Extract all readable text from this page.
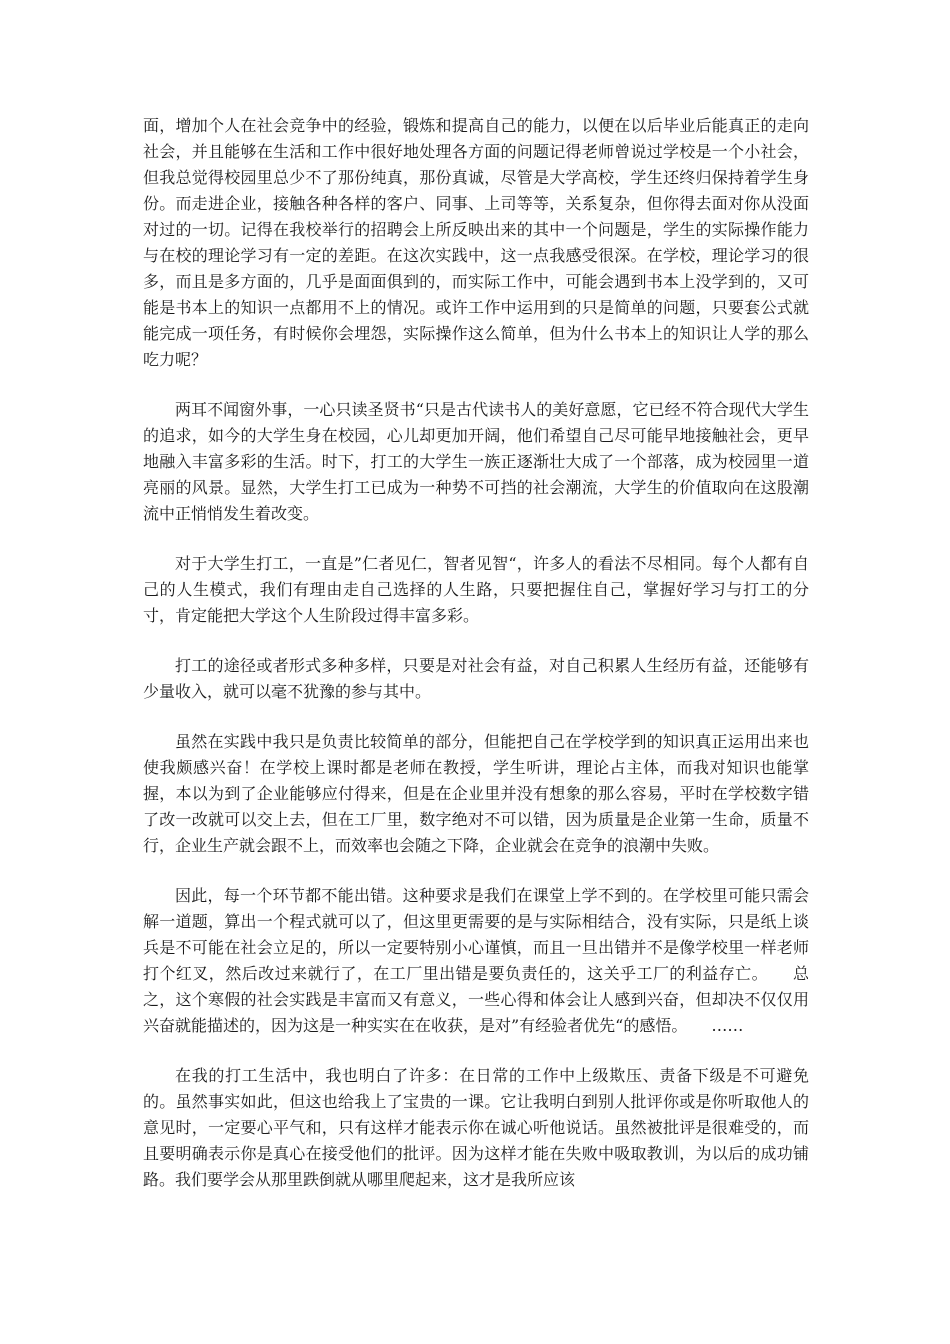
面，增加个人在社会竞争中的经验，锻炼和提高自己的能力，以便在以后毕业后能真正的走向社会，并且能够在生活和工作中很好地处理各方面的问题记得老师曾说过学校是一个小社会，但我总觉得校园里总少不了那份纯真，那份真诚，尽管是大学高校，学生还终归保持着学生身份。而走进企业，接触各种各样的客户、同事、上司等等，关系复杂，但你得去面对你从没面对过的一切。记得在我校举行的招聘会上所反映出来的其中一个问题是，学生的实际操作能力与在校的理论学习有一定的差距。在这次实践中，这一点我感受很深。在学校，理论学习的很多，而且是多方面的，几乎是面面俱到的，而实际工作中，可能会遇到书本上没学到的，又可能是书本上的知识一点都用不上的情况。或许工作中运用到的只是简单的问题，只要套公式就能完成一项任务，有时候你会埋怨，实际操作这么简单，但为什么书本上的知识让人学的那么吃力呢？

两耳不闻窗外事，一心只读圣贤书“只是古代读书人的美好意愿，它已经不符合现代大学生的追求，如今的大学生身在校园，心儿却更加开阔，他们希望自己尽可能早地接触社会，更早地融入丰富多彩的生活。时下，打工的大学生一族正逐渐壮大成了一个部落，成为校园里一道亮丽的风景。显然，大学生打工已成为一种势不可挡的社会潮流，大学生的价值取向在这股潮流中正悄悄发生着改变。

对于大学生打工，一直是”仁者见仁，智者见智“，许多人的看法不尽相同。每个人都有自己的人生模式，我们有理由走自己选择的人生路，只要把握住自己，掌握好学习与打工的分寸，肯定能把大学这个人生阶段过得丰富多彩。

打工的途径或者形式多种多样，只要是对社会有益，对自己积累人生经历有益，还能够有少量收入，就可以毫不犹豫的参与其中。

虽然在实践中我只是负责比较简单的部分，但能把自己在学校学到的知识真正运用出来也使我颇感兴奋！在学校上课时都是老师在教授，学生听讲，理论占主体，而我对知识也能掌握，本以为到了企业能够应付得来，但是在企业里并没有想象的那么容易，平时在学校数字错了改一改就可以交上去，但在工厂里，数字绝对不可以错，因为质量是企业第一生命，质量不行，企业生产就会跟不上，而效率也会随之下降，企业就会在竞争的浪潮中失败。

因此，每一个环节都不能出错。这种要求是我们在课堂上学不到的。在学校里可能只需会解一道题，算出一个程式就可以了，但这里更需要的是与实际相结合，没有实际，只是纸上谈兵是不可能在社会立足的，所以一定要特别小心谨慎，而且一旦出错并不是像学校里一样老师打个红叉，然后改过来就行了，在工厂里出错是要负责任的，这关乎工厂的利益存亡。　　总之，这个寒假的社会实践是丰富而又有意义，一些心得和体会让人感到兴奋，但却决不仅仅用兴奋就能描述的，因为这是一种实实在在收获，是对”有经验者优先“的感悟。　　……

在我的打工生活中，我也明白了许多：在日常的工作中上级欺压、责备下级是不可避免的。虽然事实如此，但这也给我上了宝贵的一课。它让我明白到别人批评你或是你听取他人的意见时，一定要心平气和，只有这样才能表示你在诚心听他说话。虽然被批评是很难受的，而且要明确表示你是真心在接受他们的批评。因为这样才能在失败中吸取教训，为以后的成功铺路。我们要学会从那里跌倒就从哪里爬起来，这才是我所应该
